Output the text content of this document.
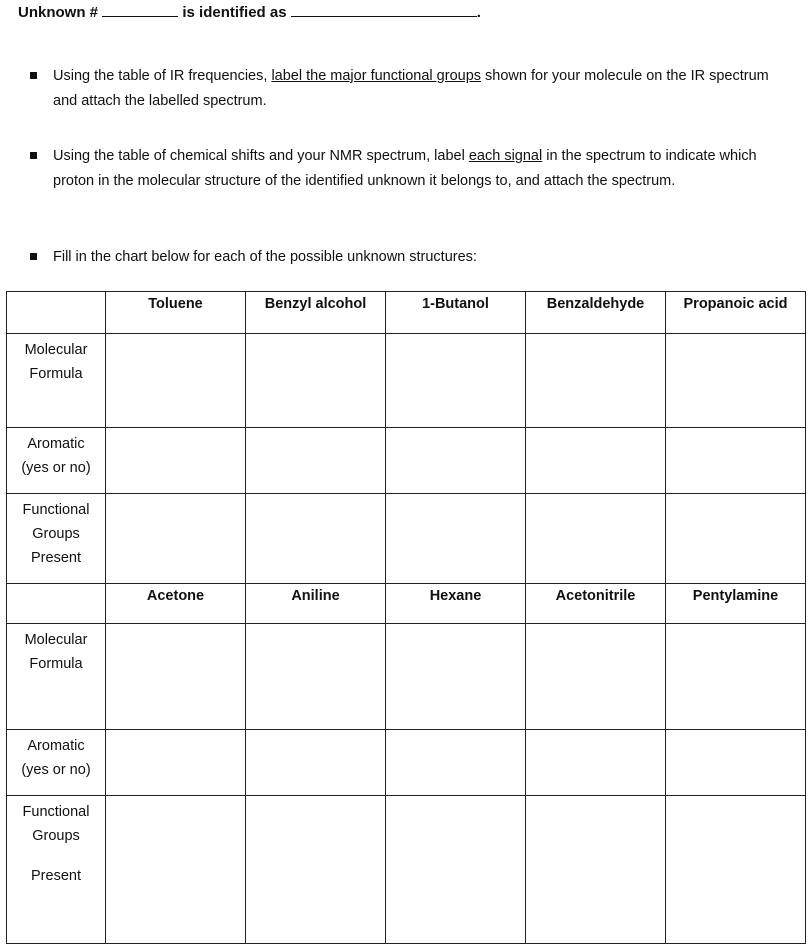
Unknown #	is identified as	.
Using the table of IR frequencies, label the major functional groups shown for your molecule on the IR spectrum and attach the labelled spectrum.
Using the table of chemical shifts and your NMR spectrum, label each signal in the spectrum to indicate which proton in the molecular structure of the identified unknown it belongs to, and attach the spectrum.
Fill in the chart below for each of the possible unknown structures:
	Toluene	Benzyl alcohol	1-Butanol	Benzaldehyde	Propanoic acid
Molecular
Formula					
Aromatic
(yes or no)					
Functional
Groups
Present					
	Acetone	Aniline	Hexane	Acetonitrile	Pentylamine
Molecular
Formula					
Aromatic
(yes or no)					
Functional
Groups
Present					
